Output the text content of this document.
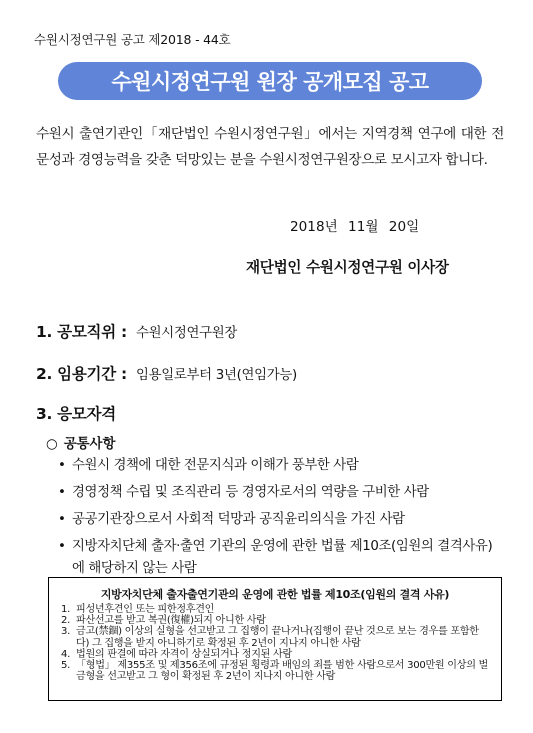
수원시정연구원 공고 제2018 - 44호
수원시정연구원 원장 공개모집 공고
수원시 출연기관인「재단법인 수원시정연구원」에서는 지역경책 연구에 대한 전문성과 경영능력을 갖춘 덕망있는 분을 수원시정연구원장으로 모시고자 합니다.
2018년 11월 20일
재단법인 수원시정연구원 이사장
1. 공모직위 : 수원시정연구원장
2. 임용기간 : 임용일로부터 3년(연임가능)
3. 응모자격
○ 공통사항
• 수원시 경책에 대한 전문지식과 이해가 풍부한 사람
• 경영정책 수립 및 조직관리 등 경영자로서의 역량을 구비한 사람
• 공공기관장으로서 사회적 덕망과 공직윤리의식을 가진 사람
• 지방자치단체 출자·출연 기관의 운영에 관한 법률 제10조(임원의 결격사유)에 해당하지 않는 사람
지방자치단체 출자출연기관의 운영에 관한 법률 제10조(임원의 결격 사유)
1. 피성년후견인 또는 피한정후견인
2. 파산선고를 받고 복권(復權)되지 아니한 사람
3. 금고(禁錮) 이상의 실형을 선고받고 그 집행이 끝나거나(집행이 끝난 것으로 보는 경우를 포함한다) 그 집행을 받지 아니하기로 확정된 후 2년이 지나지 아니한 사람
4. 법원의 판결에 따라 자격이 상실되거나 정지된 사람
5. 「형법」 제355조 및 제356조에 규정된 횡령과 배임의 죄를 범한 사람으로서 300만원 이상의 벌금형을 선고받고 그 형이 확정된 후 2년이 지나지 아니한 사람
